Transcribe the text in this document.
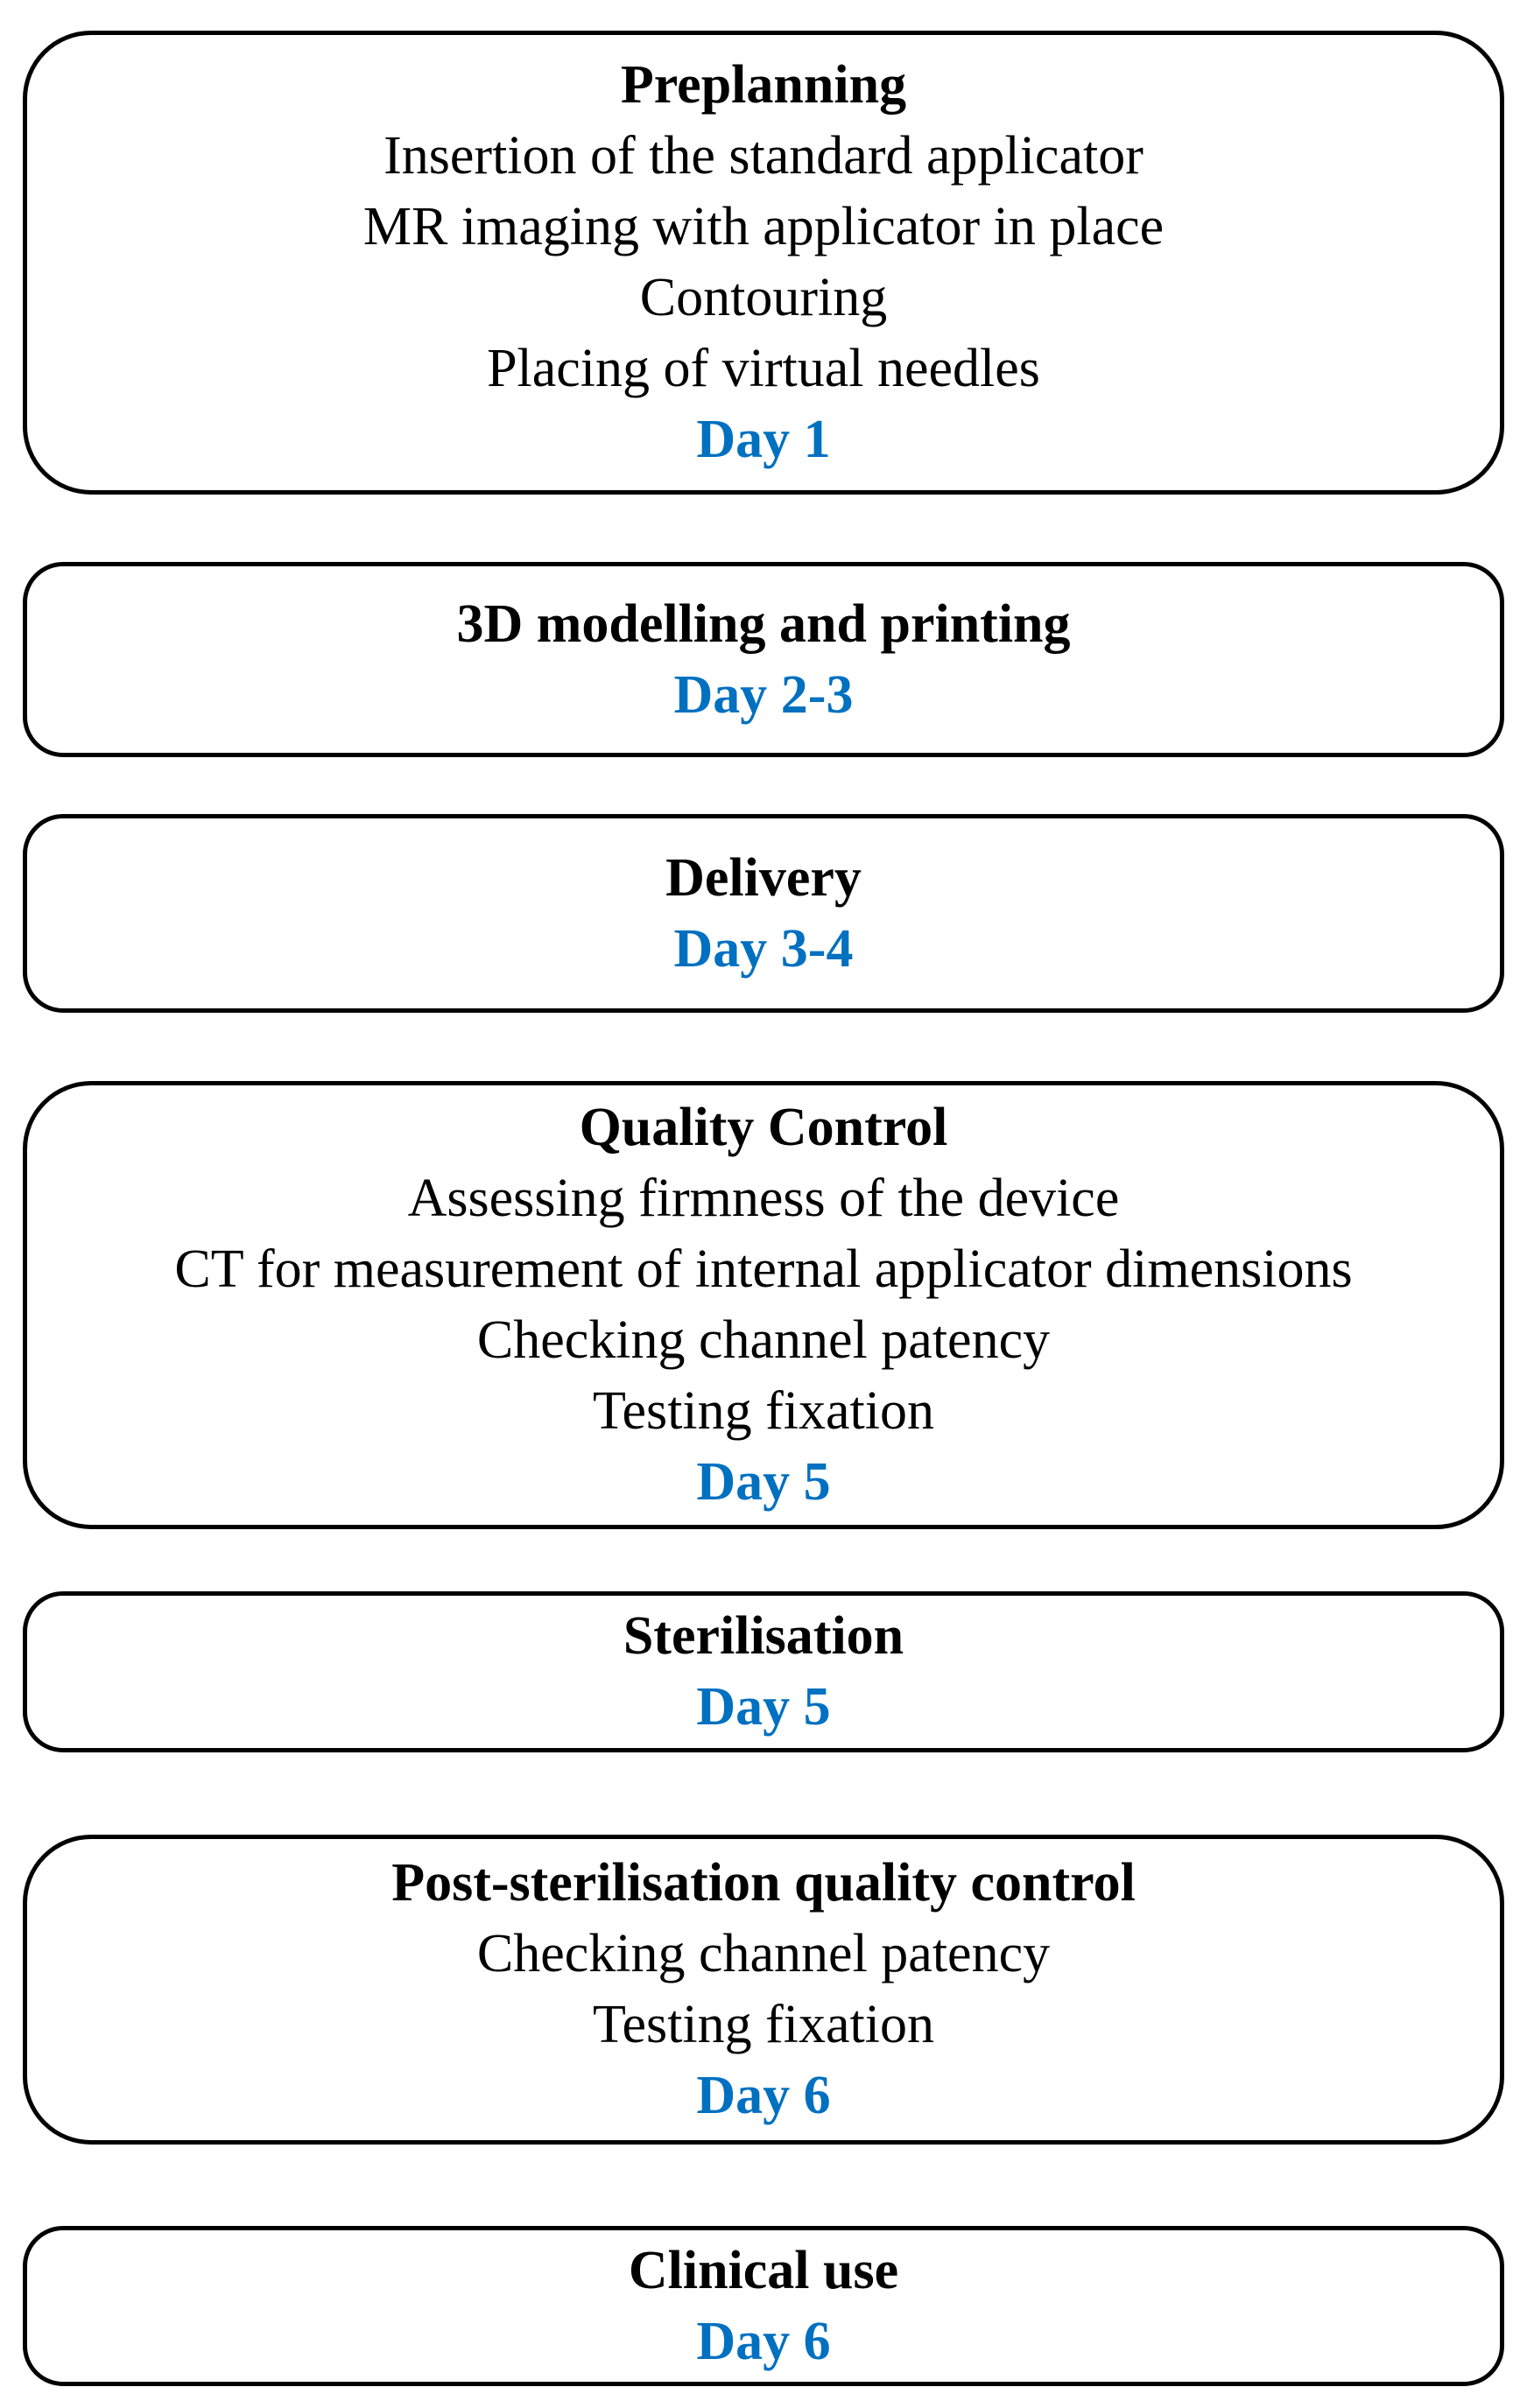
Preplanning
Insertion of the standard applicator
MR imaging with applicator in place
Contouring
Placing of virtual needles
Day 1
3D modelling and printing
Day 2-3
Delivery
Day 3-4
Quality Control
Assessing firmness of the device
CT for measurement of internal applicator dimensions
Checking channel patency
Testing fixation
Day 5
Sterilisation
Day 5
Post-sterilisation quality control
Checking channel patency
Testing fixation
Day 6
Clinical use
Day 6
